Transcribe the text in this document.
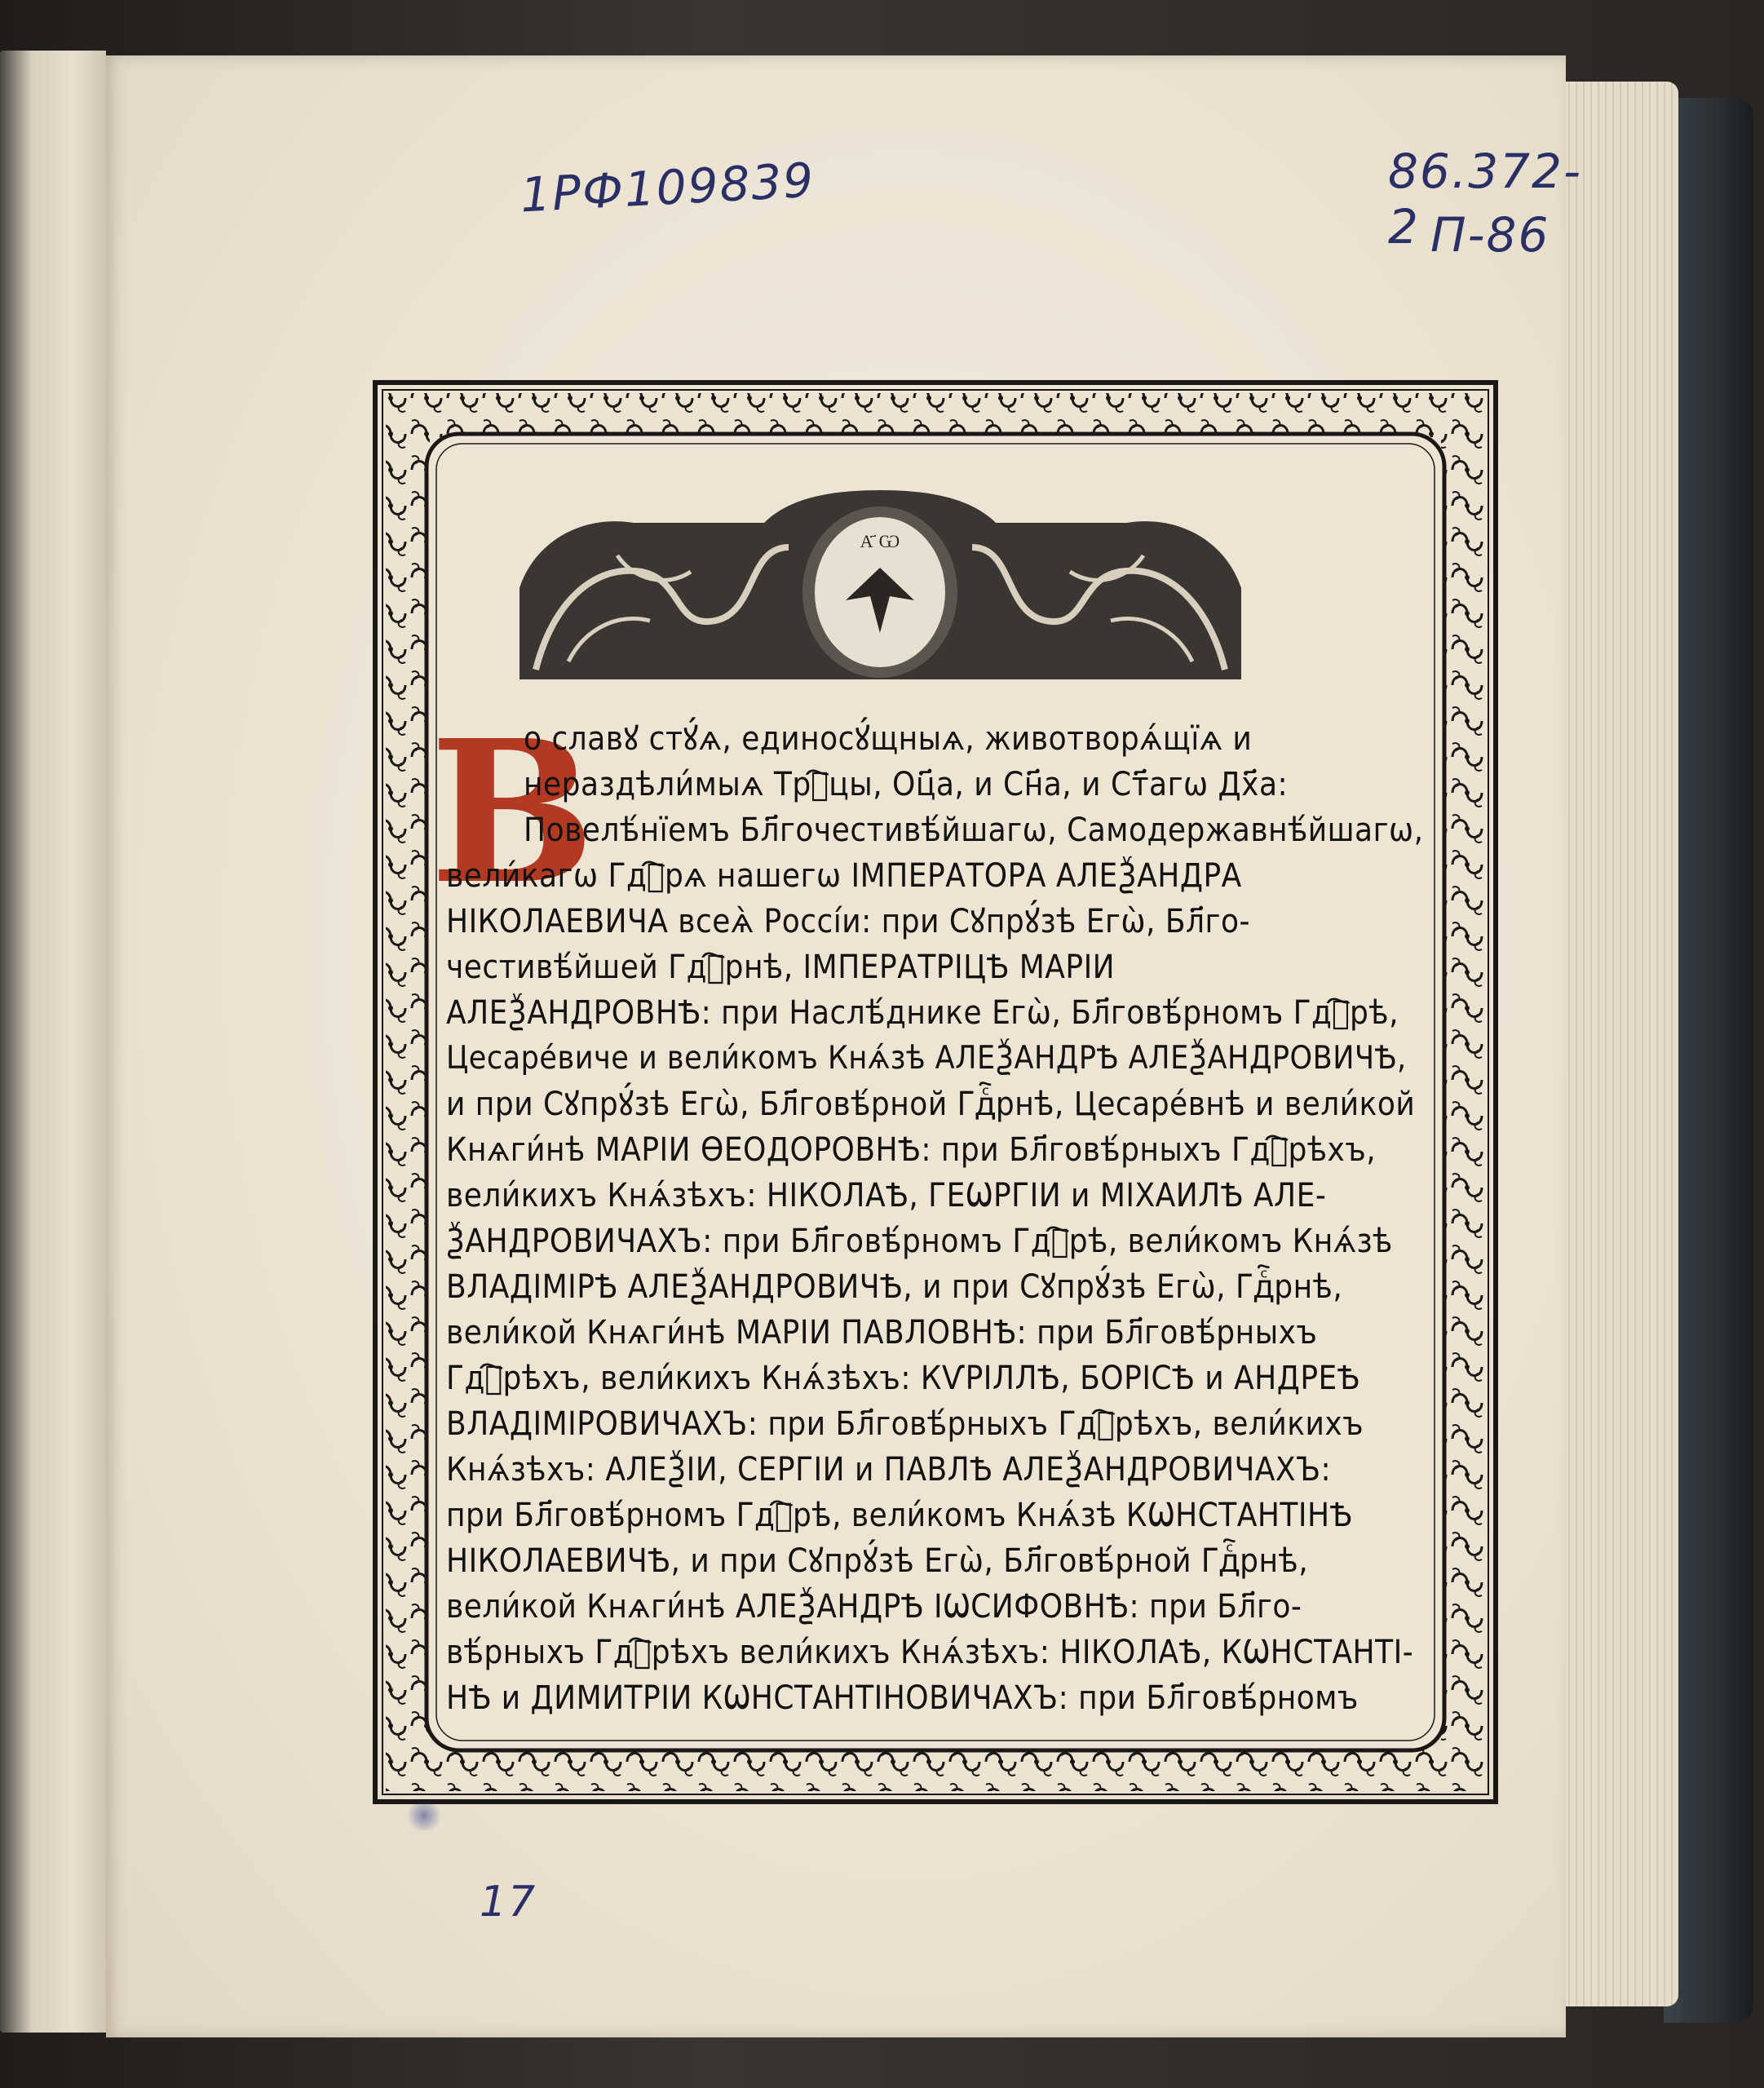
1РФ109839	86.372-2 П-86
А҃ Ѡ
В
о славꙋ стꙋ́ѧ, единосꙋ́щныѧ, животворѧ́щїѧ и
нераздѣли́мыѧ Трⷪ҇цы, Оц҃а, и Сн҃а, и Ст҃агѡ Дх҃а:
Повелѣ́нїемъ Бл҃гочестивѣ́йшагѡ, Самодержавнѣ́йшагѡ,
вели́кагѡ Гдⷭ҇рѧ нашегѡ ІМПЕРАТОРА АЛЕѮАНДРА
НІКОЛАЕВИЧА всеѧ̀ Россі́и: при Сꙋпрꙋ́зѣ Егѡ̀, Бл҃го-
честивѣ́йшей Гдⷭ҇рнѣ, ІМПЕРАТРІЦѢ МАРІИ
АЛЕѮАНДРОВНѢ: при Наслѣ́днике Егѡ̀, Бл҃говѣ́рномъ Гдⷭ҇рѣ,
Цесаре́виче и вели́комъ Кнѧ́зѣ АЛЕѮАНДРѢ АЛЕѮАНДРОВИЧѢ,
и при Сꙋпрꙋ́зѣ Егѡ̀, Бл҃говѣ́рной Гдⷭ҇рнѣ, Цесаре́внѣ и вели́кой
Кнѧги́нѣ МАРІИ ѲЕОДОРОВНѢ: при Бл҃говѣ́рныхъ Гдⷭ҇рѣхъ,
вели́кихъ Кнѧ́зѣхъ: НІКОЛАѢ, ГЕѠРГІИ и МІХАИЛѢ АЛЕ-
ѮАНДРОВИЧАХЪ: при Бл҃говѣ́рномъ Гдⷭ҇рѣ, вели́комъ Кнѧ́зѣ
ВЛАДІМІРѢ АЛЕѮАНДРОВИЧѢ, и при Сꙋпрꙋ́зѣ Егѡ̀, Гдⷭ҇рнѣ,
вели́кой Кнѧги́нѣ МАРІИ ПАВЛОВНѢ: при Бл҃говѣ́рныхъ
Гдⷭ҇рѣхъ, вели́кихъ Кнѧ́зѣхъ: КѴРІЛЛѢ, БОРІСѢ и АНДРЕѢ
ВЛАДІМІРОВИЧАХЪ: при Бл҃говѣ́рныхъ Гдⷭ҇рѣхъ, вели́кихъ
Кнѧ́зѣхъ: АЛЕѮІИ, СЕРГІИ и ПАВЛѢ АЛЕѮАНДРОВИЧАХЪ:
при Бл҃говѣ́рномъ Гдⷭ҇рѣ, вели́комъ Кнѧ́зѣ КѠНСТАНТІНѢ
НІКОЛАЕВИЧѢ, и при Сꙋпрꙋ́зѣ Егѡ̀, Бл҃говѣ́рной Гдⷭ҇рнѣ,
вели́кой Кнѧги́нѣ АЛЕѮАНДРѢ ІѠСИФОВНѢ: при Бл҃го-
вѣ́рныхъ Гдⷭ҇рѣхъ вели́кихъ Кнѧ́зѣхъ: НІКОЛАѢ, КѠНСТАНТІ-
НѢ и ДИМИТРІИ КѠНСТАНТІНОВИЧАХЪ: при Бл҃говѣ́рномъ
17
